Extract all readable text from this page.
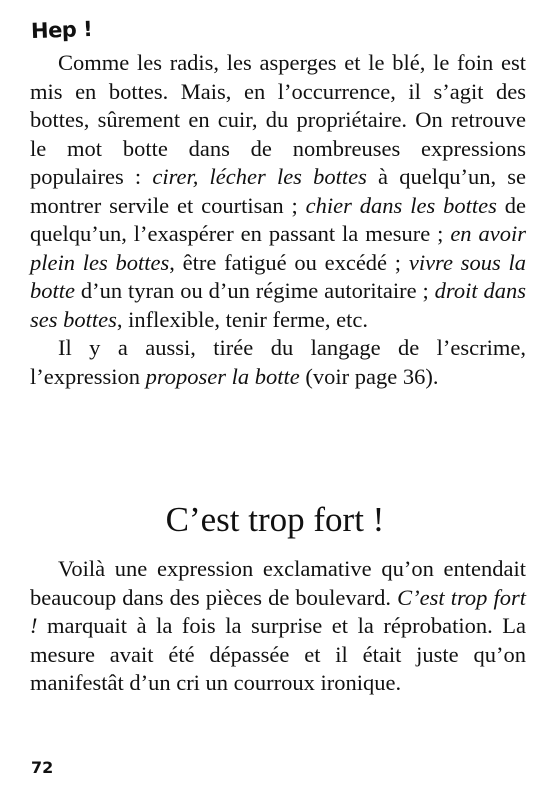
Hep !

Comme les radis, les asperges et le blé, le foin est mis en bottes. Mais, en l’occurrence, il s’agit des bottes, sûrement en cuir, du propriétaire. On retrouve le mot botte dans de nombreuses expressions populaires : cirer, lécher les bottes à quelqu’un, se montrer servile et courtisan ; chier dans les bottes de quelqu’un, l’exaspérer en passant la mesure ; en avoir plein les bottes, être fatigué ou excédé ; vivre sous la botte d’un tyran ou d’un régime autoritaire ; droit dans ses bottes, inflexible, tenir ferme, etc.

Il y a aussi, tirée du langage de l’escrime, l’expression proposer la botte (voir page 36).

C’est trop fort !

Voilà une expression exclamative qu’on entendait beaucoup dans des pièces de boulevard. C’est trop fort ! marquait à la fois la surprise et la réprobation. La mesure avait été dépassée et il était juste qu’on manifestât d’un cri un courroux ironique.

72
